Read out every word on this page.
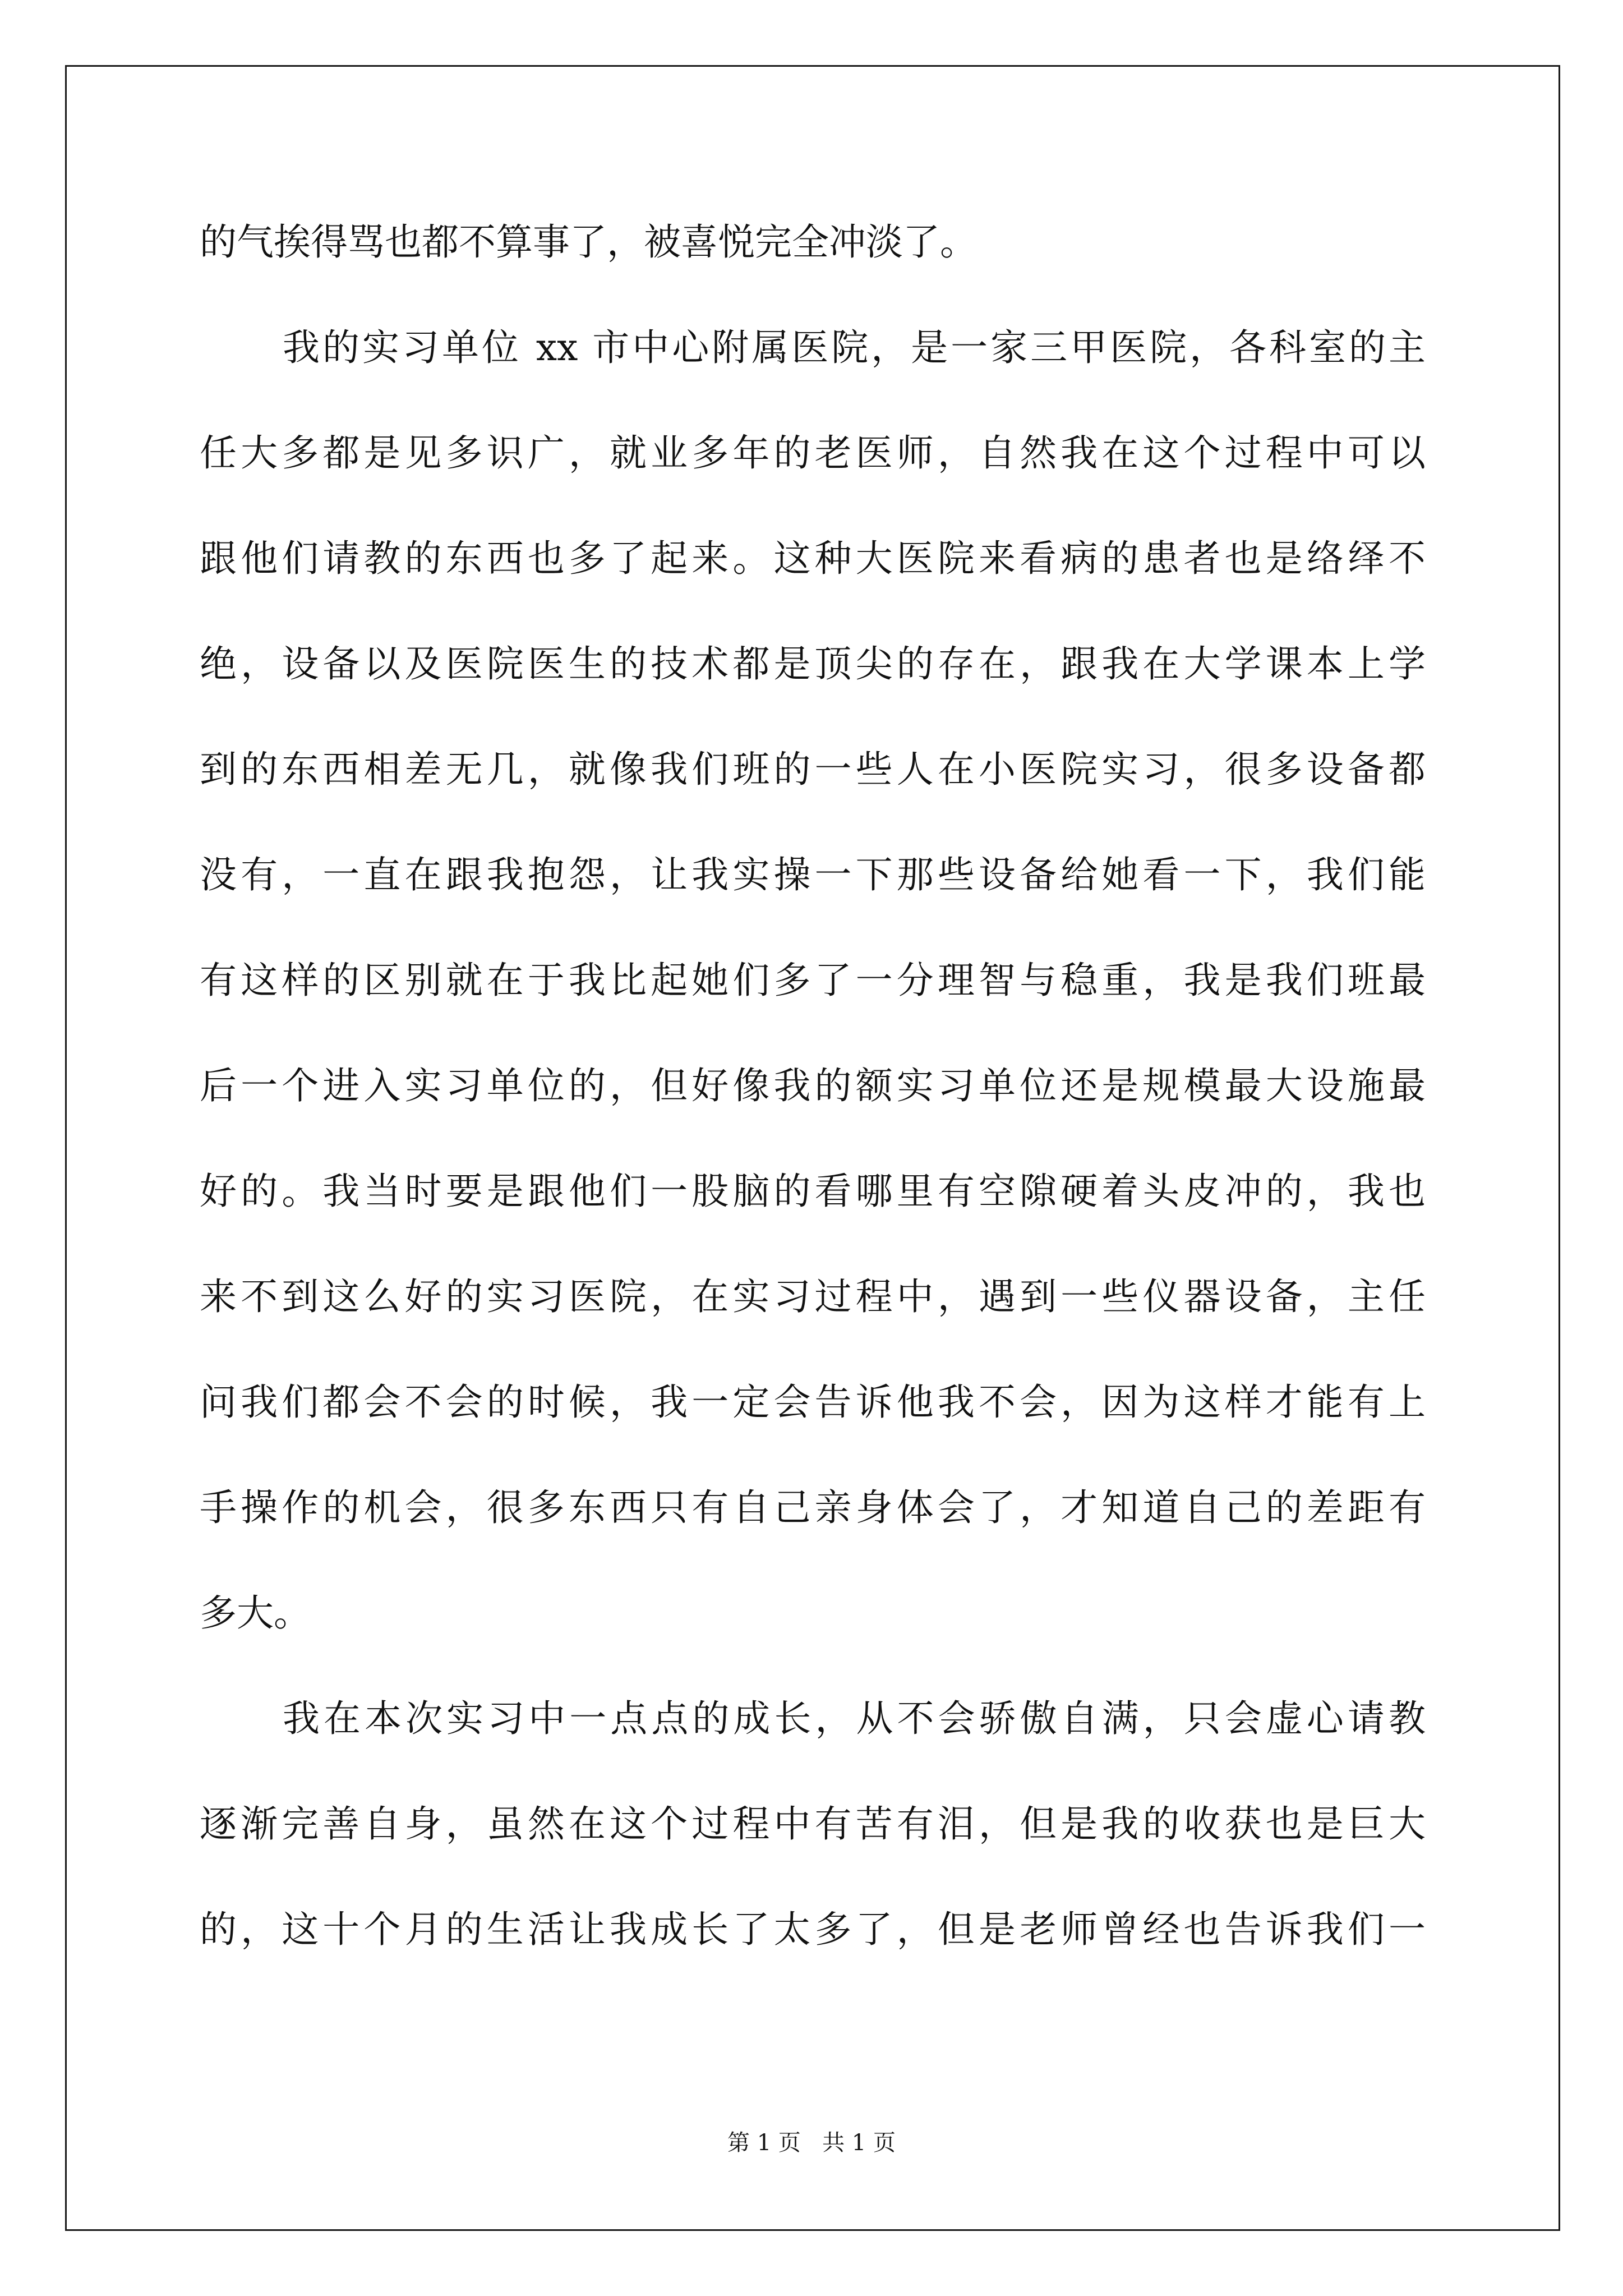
的气挨得骂也都不算事了，被喜悦完全冲淡了。
我的实习单位 xx 市中心附属医院，是一家三甲医院，各科室的主
任大多都是见多识广，就业多年的老医师，自然我在这个过程中可以
跟他们请教的东西也多了起来。这种大医院来看病的患者也是络绎不
绝，设备以及医院医生的技术都是顶尖的存在，跟我在大学课本上学
到的东西相差无几，就像我们班的一些人在小医院实习，很多设备都
没有，一直在跟我抱怨，让我实操一下那些设备给她看一下，我们能
有这样的区别就在于我比起她们多了一分理智与稳重，我是我们班最
后一个进入实习单位的，但好像我的额实习单位还是规模最大设施最
好的。我当时要是跟他们一股脑的看哪里有空隙硬着头皮冲的，我也
来不到这么好的实习医院，在实习过程中，遇到一些仪器设备，主任
问我们都会不会的时候，我一定会告诉他我不会，因为这样才能有上
手操作的机会，很多东西只有自己亲身体会了，才知道自己的差距有
多大。
我在本次实习中一点点的成长，从不会骄傲自满，只会虚心请教
逐渐完善自身，虽然在这个过程中有苦有泪，但是我的收获也是巨大
的，这十个月的生活让我成长了太多了，但是老师曾经也告诉我们一
第 1 页   共 1 页
